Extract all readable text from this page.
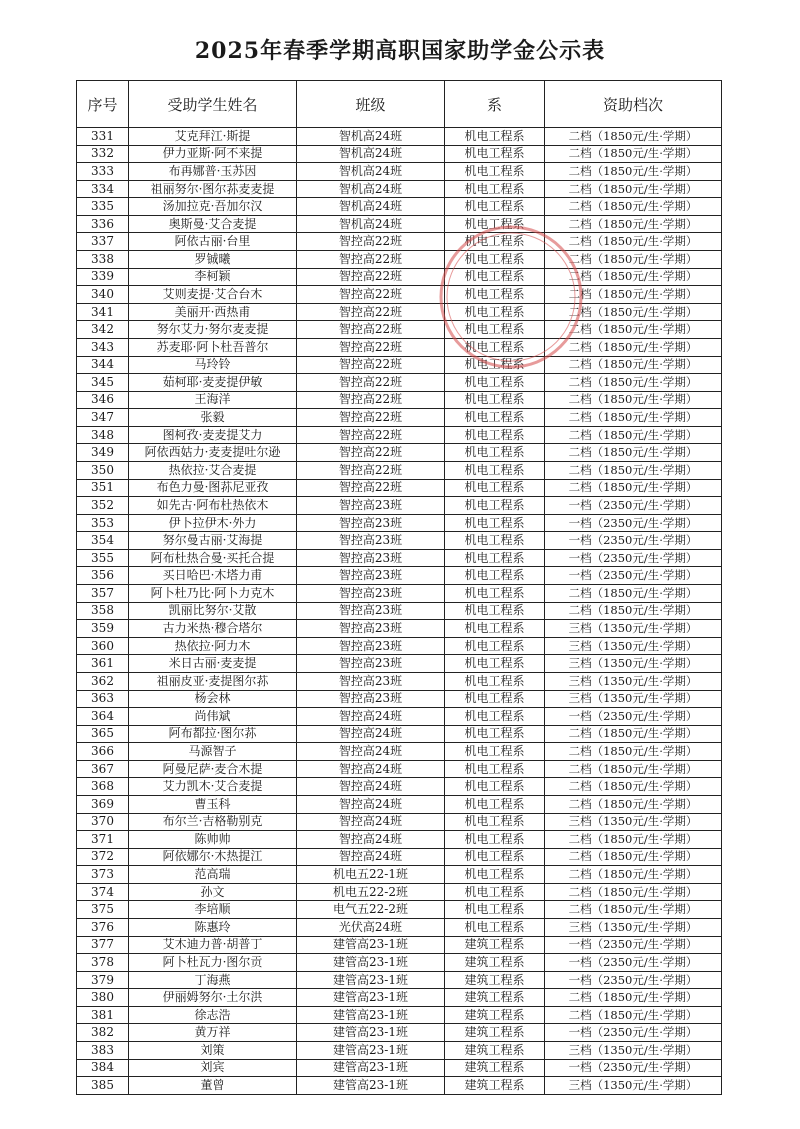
2025年春季学期高职国家助学金公示表
序号	受助学生姓名	班级	系	资助档次
331	艾克拜江·斯提	智机高24班	机电工程系	二档（1850元/生·学期）
332	伊力亚斯·阿不来提	智机高24班	机电工程系	二档（1850元/生·学期）
333	布再娜普·玉苏因	智机高24班	机电工程系	二档（1850元/生·学期）
334	祖丽努尔·图尔荪麦麦提	智机高24班	机电工程系	二档（1850元/生·学期）
335	汤加拉克·吾加尔汉	智机高24班	机电工程系	二档（1850元/生·学期）
336	奥斯曼·艾合麦提	智机高24班	机电工程系	二档（1850元/生·学期）
337	阿依古丽·台里	智控高22班	机电工程系	二档（1850元/生·学期）
338	罗铖曦	智控高22班	机电工程系	二档（1850元/生·学期）
339	李柯颖	智控高22班	机电工程系	二档（1850元/生·学期）
340	艾则麦提·艾合台木	智控高22班	机电工程系	二档（1850元/生·学期）
341	美丽开·西热甫	智控高22班	机电工程系	二档（1850元/生·学期）
342	努尔艾力·努尔麦麦提	智控高22班	机电工程系	二档（1850元/生·学期）
343	苏麦耶·阿卜杜吾普尔	智控高22班	机电工程系	二档（1850元/生·学期）
344	马玲铃	智控高22班	机电工程系	二档（1850元/生·学期）
345	茹柯耶·麦麦提伊敏	智控高22班	机电工程系	二档（1850元/生·学期）
346	王海洋	智控高22班	机电工程系	二档（1850元/生·学期）
347	张毅	智控高22班	机电工程系	二档（1850元/生·学期）
348	图柯孜·麦麦提艾力	智控高22班	机电工程系	二档（1850元/生·学期）
349	阿依西姑力·麦麦提吐尔逊	智控高22班	机电工程系	二档（1850元/生·学期）
350	热依拉·艾合麦提	智控高22班	机电工程系	二档（1850元/生·学期）
351	布色力曼·图荪尼亚孜	智控高22班	机电工程系	二档（1850元/生·学期）
352	如先古·阿布杜热依木	智控高23班	机电工程系	一档（2350元/生·学期）
353	伊卜拉伊木·外力	智控高23班	机电工程系	一档（2350元/生·学期）
354	努尔曼古丽·艾海提	智控高23班	机电工程系	一档（2350元/生·学期）
355	阿布杜热合曼·买托合提	智控高23班	机电工程系	一档（2350元/生·学期）
356	买日哈巴·木塔力甫	智控高23班	机电工程系	一档（2350元/生·学期）
357	阿卜杜乃比·阿卜力克木	智控高23班	机电工程系	二档（1850元/生·学期）
358	凯丽比努尔·艾散	智控高23班	机电工程系	二档（1850元/生·学期）
359	古力米热·穆合塔尔	智控高23班	机电工程系	三档（1350元/生·学期）
360	热依拉·阿力木	智控高23班	机电工程系	三档（1350元/生·学期）
361	米日古丽·麦麦提	智控高23班	机电工程系	三档（1350元/生·学期）
362	祖丽皮亚·麦提图尔荪	智控高23班	机电工程系	三档（1350元/生·学期）
363	杨会林	智控高23班	机电工程系	三档（1350元/生·学期）
364	尚伟斌	智控高24班	机电工程系	一档（2350元/生·学期）
365	阿布都拉·图尔荪	智控高24班	机电工程系	二档（1850元/生·学期）
366	马源智子	智控高24班	机电工程系	二档（1850元/生·学期）
367	阿曼尼萨·麦合木提	智控高24班	机电工程系	二档（1850元/生·学期）
368	艾力凯木·艾合麦提	智控高24班	机电工程系	二档（1850元/生·学期）
369	曹玉科	智控高24班	机电工程系	二档（1850元/生·学期）
370	布尔兰·吉格勒别克	智控高24班	机电工程系	三档（1350元/生·学期）
371	陈帅帅	智控高24班	机电工程系	二档（1850元/生·学期）
372	阿依娜尔·木热提江	智控高24班	机电工程系	二档（1850元/生·学期）
373	范高瑞	机电五22-1班	机电工程系	二档（1850元/生·学期）
374	孙文	机电五22-2班	机电工程系	二档（1850元/生·学期）
375	李培顺	电气五22-2班	机电工程系	二档（1850元/生·学期）
376	陈惠玲	光伏高24班	机电工程系	三档（1350元/生·学期）
377	艾木迪力普·胡普丁	建管高23-1班	建筑工程系	一档（2350元/生·学期）
378	阿卜杜瓦力·图尔贡	建管高23-1班	建筑工程系	一档（2350元/生·学期）
379	丁海燕	建管高23-1班	建筑工程系	一档（2350元/生·学期）
380	伊丽姆努尔·土尔洪	建管高23-1班	建筑工程系	二档（1850元/生·学期）
381	徐志浩	建管高23-1班	建筑工程系	二档（1850元/生·学期）
382	黄万祥	建管高23-1班	建筑工程系	一档（2350元/生·学期）
383	刘策	建管高23-1班	建筑工程系	三档（1350元/生·学期）
384	刘宾	建管高23-1班	建筑工程系	一档（2350元/生·学期）
385	董曾	建管高23-1班	建筑工程系	三档（1350元/生·学期）
